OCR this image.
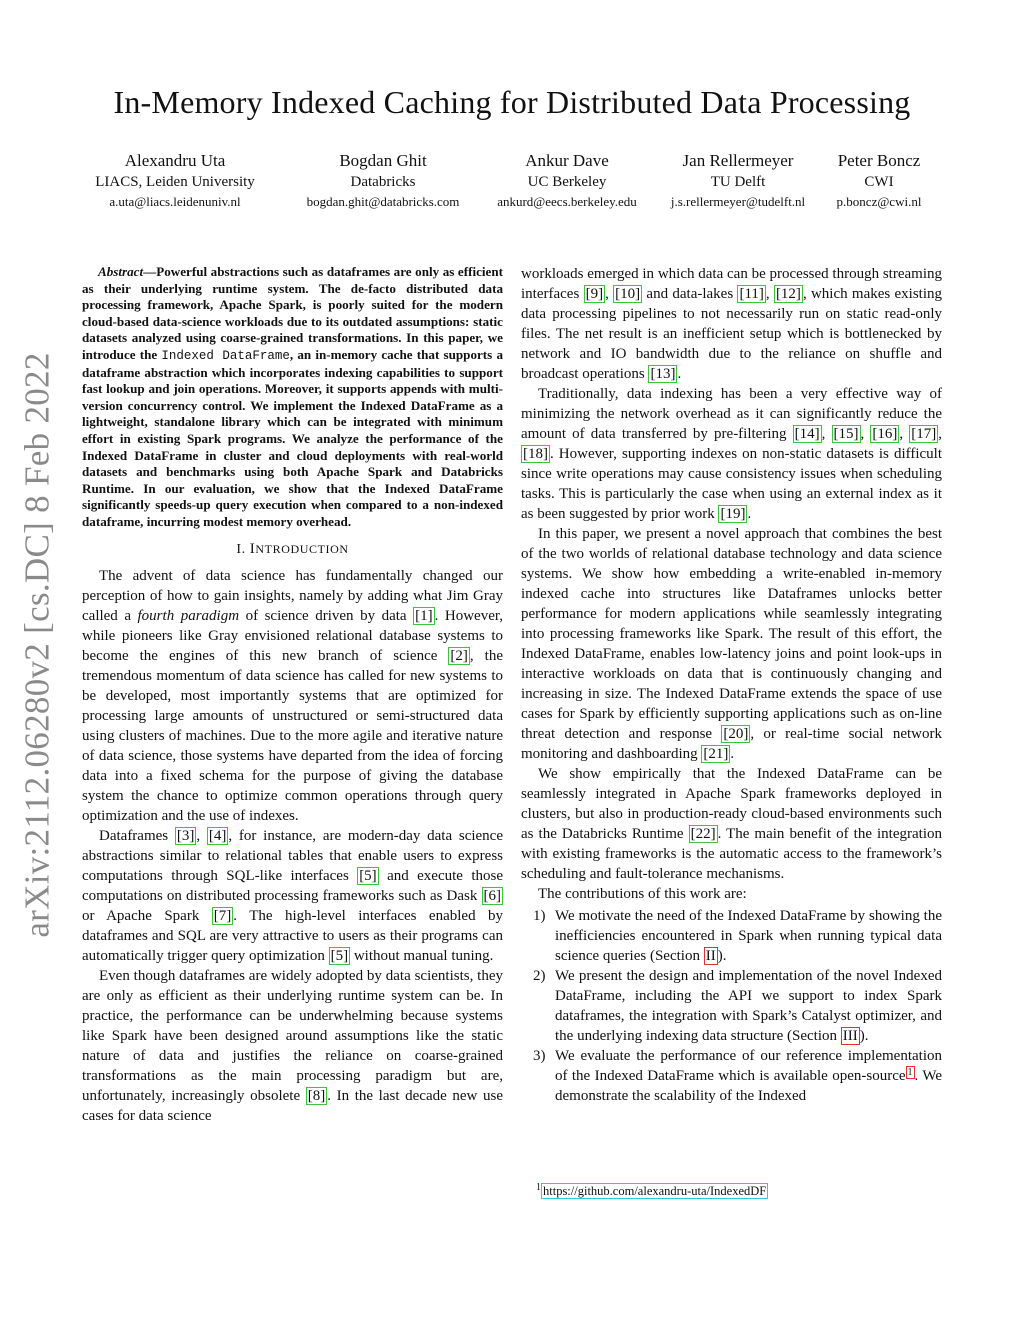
arXiv:2112.06280v2 [cs.DC] 8 Feb 2022
In-Memory Indexed Caching for Distributed Data Processing
Alexandru Uta
LIACS, Leiden University
a.uta@liacs.leidenuniv.nl
Bogdan Ghit
Databricks
bogdan.ghit@databricks.com
Ankur Dave
UC Berkeley
ankurd@eecs.berkeley.edu
Jan Rellermeyer
TU Delft
j.s.rellermeyer@tudelft.nl
Peter Boncz
CWI
p.boncz@cwi.nl

Abstract—Powerful abstractions such as dataframes are only as efficient as their underlying runtime system. The de-facto distributed data processing framework, Apache Spark, is poorly suited for the modern cloud-based data-science workloads due to its outdated assumptions: static datasets analyzed using coarse-grained transformations. In this paper, we introduce the Indexed DataFrame, an in-memory cache that supports a dataframe abstraction which incorporates indexing capabilities to support fast lookup and join operations. Moreover, it supports appends with multi-version concurrency control. We implement the Indexed DataFrame as a lightweight, standalone library which can be integrated with minimum effort in existing Spark programs. We analyze the performance of the Indexed DataFrame in cluster and cloud deployments with real-world datasets and benchmarks using both Apache Spark and Databricks Runtime. In our evaluation, we show that the Indexed DataFrame significantly speeds-up query execution when compared to a non-indexed dataframe, incurring modest memory overhead.

I. INTRODUCTION

The advent of data science has fundamentally changed our perception of how to gain insights, namely by adding what Jim Gray called a fourth paradigm of science driven by data [1] . However, while pioneers like Gray envisioned relational database systems to become the engines of this new branch of science [2] , the tremendous momentum of data science has called for new systems to be developed, most importantly systems that are optimized for processing large amounts of unstructured or semi-structured data using clusters of machines. Due to the more agile and iterative nature of data science, those systems have departed from the idea of forcing data into a fixed schema for the purpose of giving the database system the chance to optimize common operations through query optimization and the use of indexes.

Dataframes [3] , [4] , for instance, are modern-day data science abstractions similar to relational tables that enable users to express computations through SQL-like interfaces [5] and execute those computations on distributed processing frameworks such as Dask [6] or Apache Spark [7] . The high-level interfaces enabled by dataframes and SQL are very attractive to users as their programs can automatically trigger query optimization [5] without manual tuning.

Even though dataframes are widely adopted by data scientists, they are only as efficient as their underlying runtime system can be. In practice, the performance can be underwhelming because systems like Spark have been designed around assumptions like the static nature of data and justifies the reliance on coarse-grained transformations as the main processing paradigm but are, unfortunately, increasingly obsolete [8] . In the last decade new use cases for data science

workloads emerged in which data can be processed through streaming interfaces [9] , [10] and data-lakes [11] , [12] , which makes existing data processing pipelines to not necessarily run on static read-only files. The net result is an inefficient setup which is bottlenecked by network and IO bandwidth due to the reliance on shuffle and broadcast operations [13] .

Traditionally, data indexing has been a very effective way of minimizing the network overhead as it can significantly reduce the amount of data transferred by pre-filtering [14] , [15] , [16] , [17] , [18] . However, supporting indexes on non-static datasets is difficult since write operations may cause consistency issues when scheduling tasks. This is particularly the case when using an external index as it as been suggested by prior work [19] .

In this paper, we present a novel approach that combines the best of the two worlds of relational database technology and data science systems. We show how embedding a write-enabled in-memory indexed cache into structures like Dataframes unlocks better performance for modern applications while seamlessly integrating into processing frameworks like Spark. The result of this effort, the Indexed DataFrame, enables low-latency joins and point look-ups in interactive workloads on data that is continuously changing and increasing in size. The Indexed DataFrame extends the space of use cases for Spark by efficiently supporting applications such as on-line threat detection and response [20] , or real-time social network monitoring and dashboarding [21] .

We show empirically that the Indexed DataFrame can be seamlessly integrated in Apache Spark frameworks deployed in clusters, but also in production-ready cloud-based environments such as the Databricks Runtime [22] . The main benefit of the integration with existing frameworks is the automatic access to the framework’s scheduling and fault-tolerance mechanisms.

The contributions of this work are:

1) We motivate the need of the Indexed DataFrame by showing the inefficiencies encountered in Spark when running typical data science queries (Section II ).
2) We present the design and implementation of the novel Indexed DataFrame, including the API we support to index Spark dataframes, the integration with Spark’s Catalyst optimizer, and the underlying indexing data structure (Section III ).
3) We evaluate the performance of our reference implementation of the Indexed DataFrame which is available open-source $^1$ . We demonstrate the scalability of the Indexed
$^1$ https://github.com/alexandru-uta/IndexedDF
